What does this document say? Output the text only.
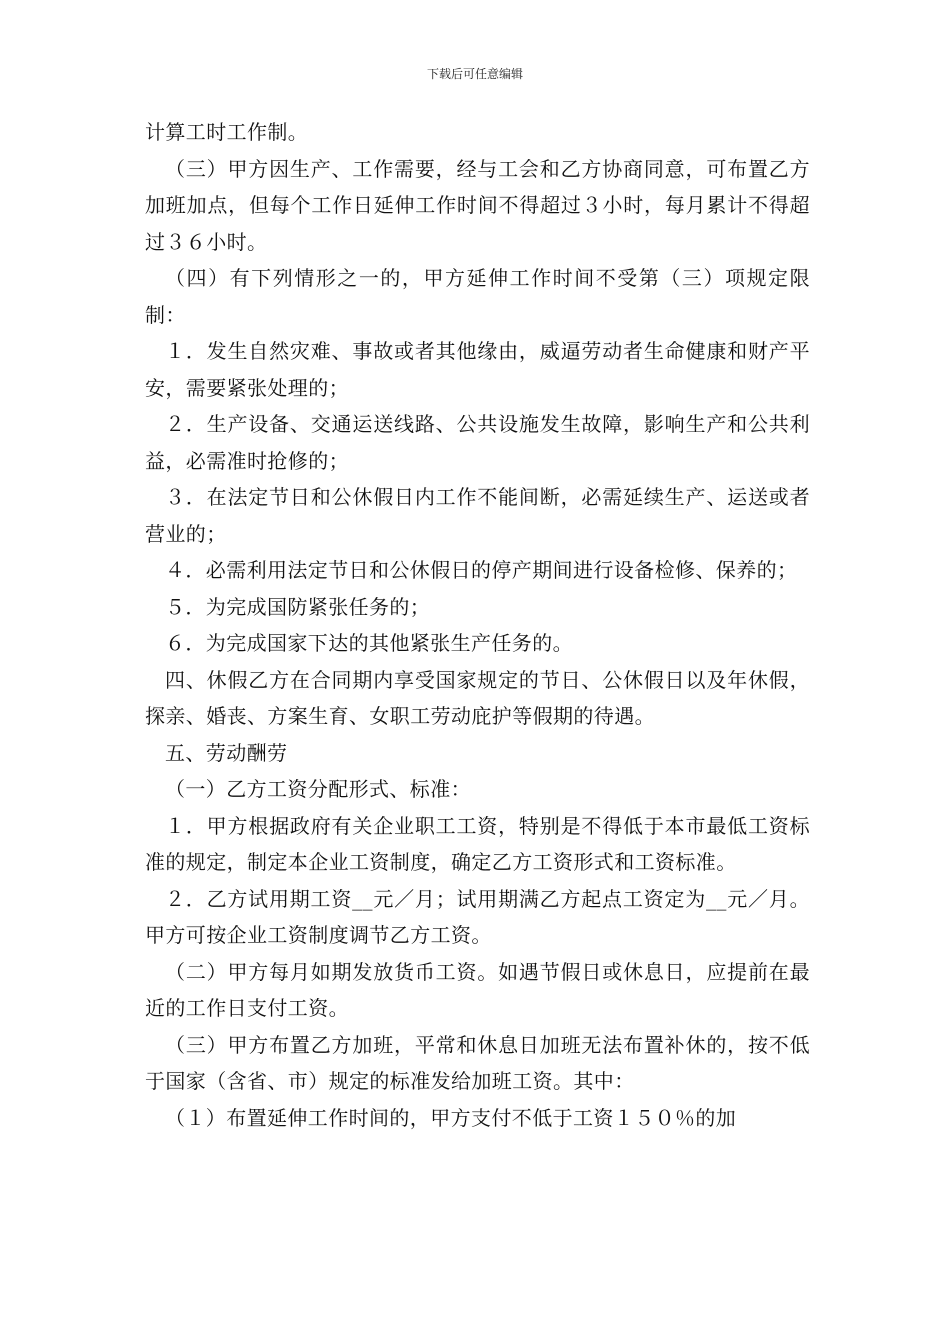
下载后可任意编辑

计算工时工作制。

（三）甲方因生产、工作需要，经与工会和乙方协商同意，可布置乙方加班加点，但每个工作日延伸工作时间不得超过３小时，每月累计不得超过３６小时。

（四）有下列情形之一的，甲方延伸工作时间不受第（三）项规定限制：

１．发生自然灾难、事故或者其他缘由，威逼劳动者生命健康和财产平安，需要紧张处理的；

２．生产设备、交通运送线路、公共设施发生故障，影响生产和公共利益，必需准时抢修的；

３．在法定节日和公休假日内工作不能间断，必需延续生产、运送或者营业的；

４．必需利用法定节日和公休假日的停产期间进行设备检修、保养的；

５．为完成国防紧张任务的；

６．为完成国家下达的其他紧张生产任务的。

四、休假乙方在合同期内享受国家规定的节日、公休假日以及年休假，探亲、婚丧、方案生育、女职工劳动庇护等假期的待遇。

五、劳动酬劳

（一）乙方工资分配形式、标准：

１．甲方根据政府有关企业职工工资，特别是不得低于本市最低工资标准的规定，制定本企业工资制度，确定乙方工资形式和工资标准。

２．乙方试用期工资__元／月；试用期满乙方起点工资定为__元／月。甲方可按企业工资制度调节乙方工资。

（二）甲方每月如期发放货币工资。如遇节假日或休息日，应提前在最近的工作日支付工资。

（三）甲方布置乙方加班，平常和休息日加班无法布置补休的，按不低于国家（含省、市）规定的标准发给加班工资。其中：

（１）布置延伸工作时间的，甲方支付不低于工资１５０％的加
